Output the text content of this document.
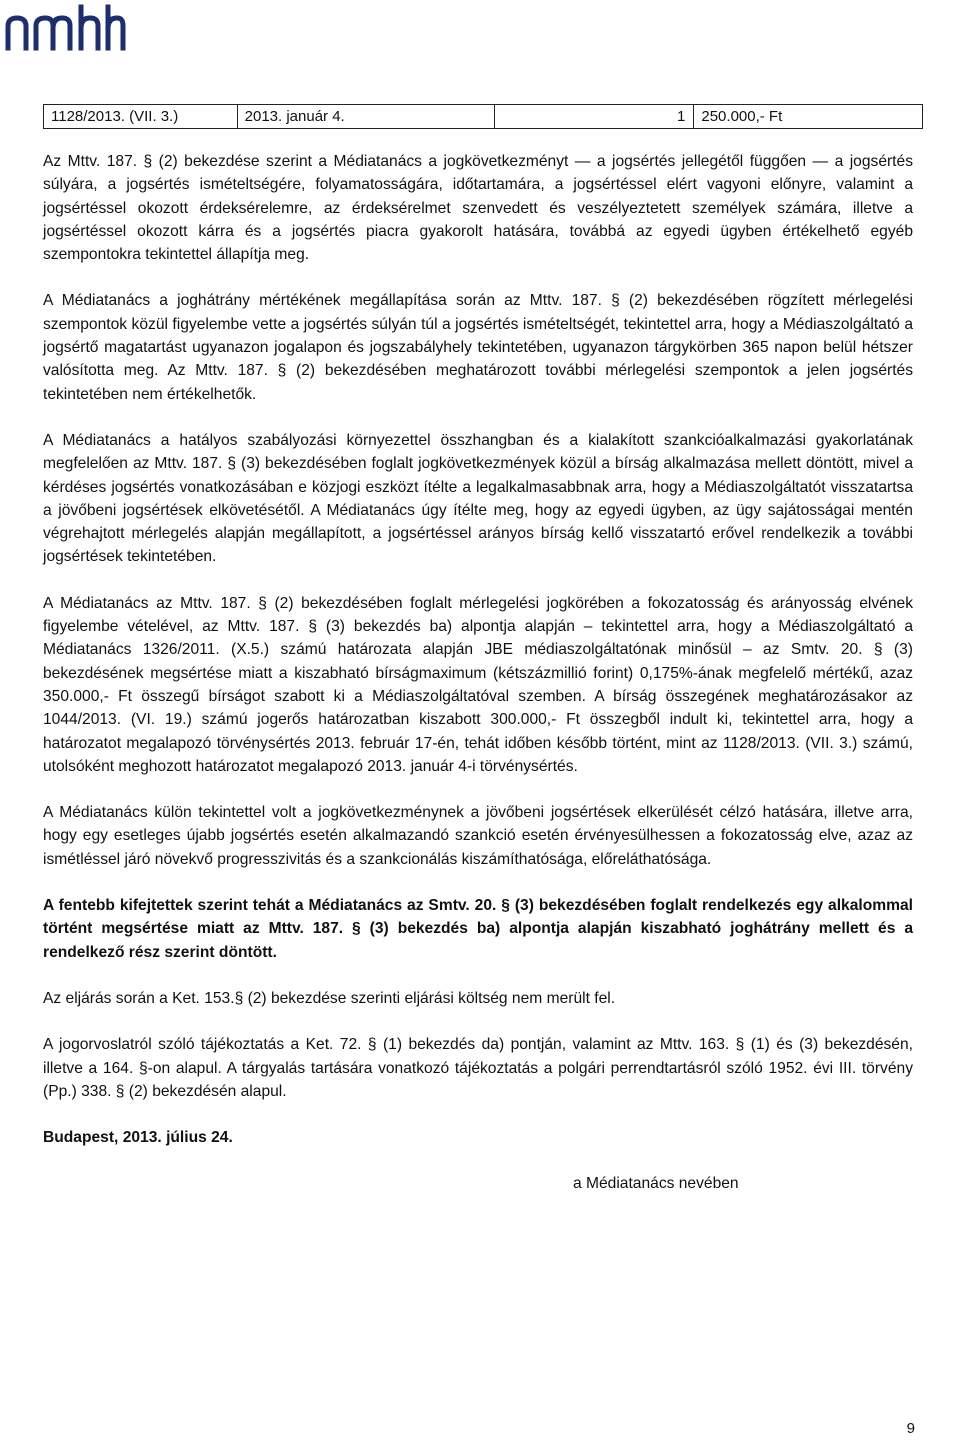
1128/2013. (VII. 3.)	2013. január 4.	1	250.000,- Ft

Az Mttv. 187. § (2) bekezdése szerint a Médiatanács a jogkövetkezményt — a jogsértés jellegétől függően — a jogsértés súlyára, a jogsértés ismételtségére, folyamatosságára, időtartamára, a jogsértéssel elért vagyoni előnyre, valamint a jogsértéssel okozott érdeksérelemre, az érdeksérelmet szenvedett és veszélyeztetett személyek számára, illetve a jogsértéssel okozott kárra és a jogsértés piacra gyakorolt hatására, továbbá az egyedi ügyben értékelhető egyéb szempontokra tekintettel állapítja meg.

A Médiatanács a joghátrány mértékének megállapítása során az Mttv. 187. § (2) bekezdésében rögzített mérlegelési szempontok közül figyelembe vette a jogsértés súlyán túl a jogsértés ismételtségét, tekintettel arra, hogy a Médiaszolgáltató a jogsértő magatartást ugyanazon jogalapon és jogszabályhely tekintetében, ugyanazon tárgykörben 365 napon belül hétszer valósította meg. Az Mttv. 187. § (2) bekezdésében meghatározott további mérlegelési szempontok a jelen jogsértés tekintetében nem értékelhetők.

A Médiatanács a hatályos szabályozási környezettel összhangban és a kialakított szankcióalkalmazási gyakorlatának megfelelően az Mttv. 187. § (3) bekezdésében foglalt jogkövetkezmények közül a bírság alkalmazása mellett döntött, mivel a kérdéses jogsértés vonatkozásában e közjogi eszközt ítélte a legalkalmasabbnak arra, hogy a Médiaszolgáltatót visszatartsa a jövőbeni jogsértések elkövetésétől. A Médiatanács úgy ítélte meg, hogy az egyedi ügyben, az ügy sajátosságai mentén végrehajtott mérlegelés alapján megállapított, a jogsértéssel arányos bírság kellő visszatartó erővel rendelkezik a további jogsértések tekintetében.

A Médiatanács az Mttv. 187. § (2) bekezdésében foglalt mérlegelési jogkörében a fokozatosság és arányosság elvének figyelembe vételével, az Mttv. 187. § (3) bekezdés ba) alpontja alapján – tekintettel arra, hogy a Médiaszolgáltató a Médiatanács 1326/2011. (X.5.) számú határozata alapján JBE médiaszolgáltatónak minősül – az Smtv. 20. § (3) bekezdésének megsértése miatt a kiszabható bírságmaximum (kétszázmillió forint) 0,175%-ának megfelelő mértékű, azaz 350.000,- Ft összegű bírságot szabott ki a Médiaszolgáltatóval szemben. A bírság összegének meghatározásakor az 1044/2013. (VI. 19.) számú jogerős határozatban kiszabott 300.000,- Ft összegből indult ki, tekintettel arra, hogy a határozatot megalapozó törvénysértés 2013. február 17-én, tehát időben később történt, mint az 1128/2013. (VII. 3.) számú, utolsóként meghozott határozatot megalapozó 2013. január 4-i törvénysértés.

A Médiatanács külön tekintettel volt a jogkövetkezménynek a jövőbeni jogsértések elkerülését célzó hatására, illetve arra, hogy egy esetleges újabb jogsértés esetén alkalmazandó szankció esetén érvényesülhessen a fokozatosság elve, azaz az ismétléssel járó növekvő progresszivitás és a szankcionálás kiszámíthatósága, előreláthatósága.

A fentebb kifejtettek szerint tehát a Médiatanács az Smtv. 20. § (3) bekezdésében foglalt rendelkezés egy alkalommal történt megsértése miatt az Mttv. 187. § (3) bekezdés ba) alpontja alapján kiszabható joghátrány mellett és a rendelkező rész szerint döntött.

Az eljárás során a Ket. 153.§ (2) bekezdése szerinti eljárási költség nem merült fel.

A jogorvoslatról szóló tájékoztatás a Ket. 72. § (1) bekezdés da) pontján, valamint az Mttv. 163. § (1) és (3) bekezdésén, illetve a 164. §-on alapul. A tárgyalás tartására vonatkozó tájékoztatás a polgári perrendtartásról szóló 1952. évi III. törvény (Pp.) 338. § (2) bekezdésén alapul.

Budapest, 2013. július 24.

a Médiatanács nevében

9
